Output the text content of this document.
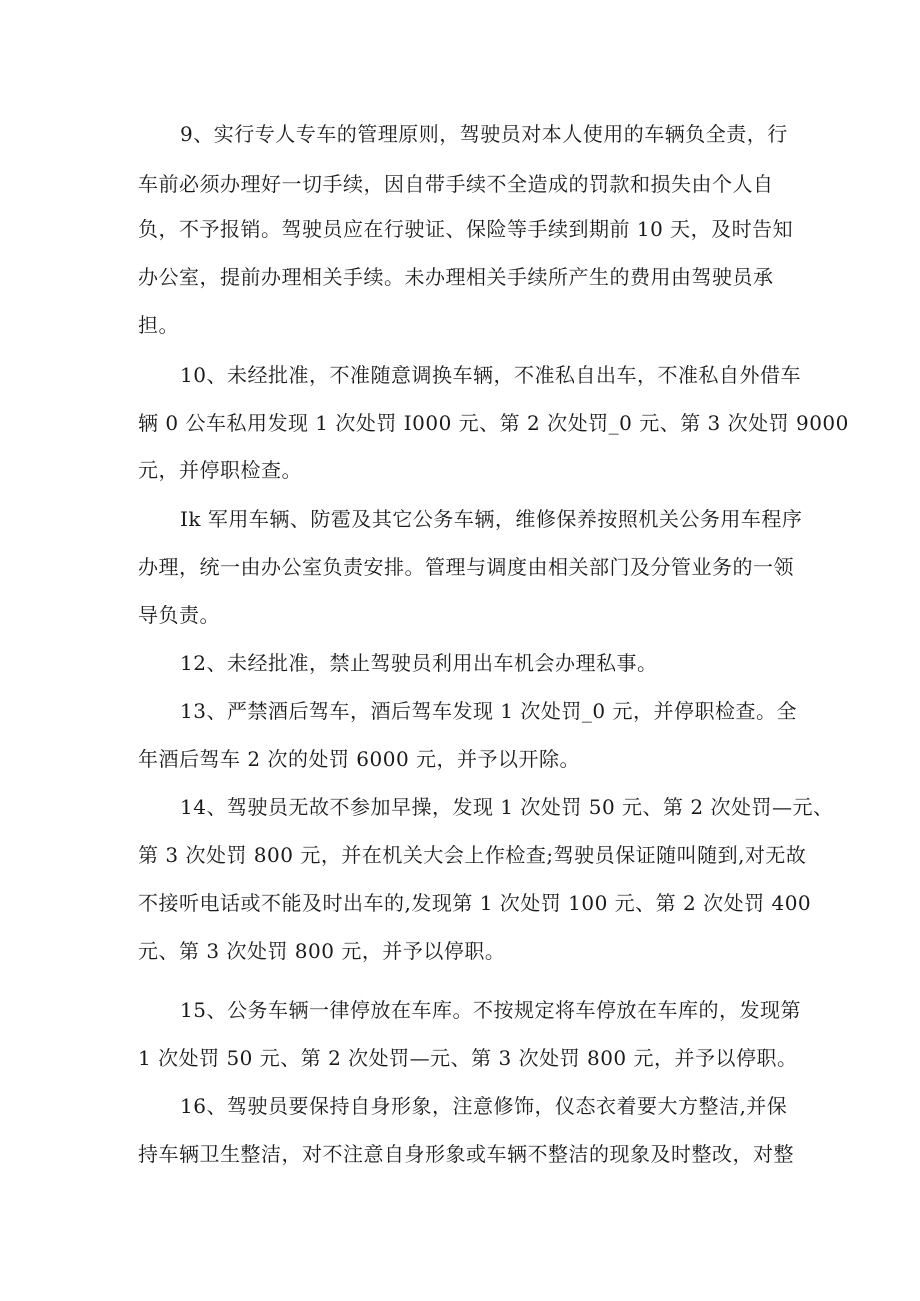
9、实行专人专车的管理原则，驾驶员对本人使用的车辆负全责，行
车前必须办理好一切手续，因自带手续不全造成的罚款和损失由个人自
负，不予报销。驾驶员应在行驶证、保险等手续到期前 10 天，及时告知
办公室，提前办理相关手续。未办理相关手续所产生的费用由驾驶员承
担。
10、未经批准，不准随意调换车辆，不准私自出车，不准私自外借车
辆 0 公车私用发现 1 次处罚 I000 元、第 2 次处罚_0 元、第 3 次处罚 9000
元，并停职检查。
Ik 军用车辆、防雹及其它公务车辆，维修保养按照机关公务用车程序
办理，统一由办公室负责安排。管理与调度由相关部门及分管业务的一领
导负责。
12、未经批准，禁止驾驶员利用出车机会办理私事。
13、严禁酒后驾车，酒后驾车发现 1 次处罚_0 元，并停职检查。全
年酒后驾车 2 次的处罚 6000 元，并予以开除。
14、驾驶员无故不参加早操，发现 1 次处罚 50 元、第 2 次处罚—元、
第 3 次处罚 800 元，并在机关大会上作检查;驾驶员保证随叫随到,对无故
不接听电话或不能及时出车的,发现第 1 次处罚 100 元、第 2 次处罚 400
元、第 3 次处罚 800 元，并予以停职。
15、公务车辆一律停放在车库。不按规定将车停放在车库的，发现第
1 次处罚 50 元、第 2 次处罚—元、第 3 次处罚 800 元，并予以停职。
16、驾驶员要保持自身形象，注意修饰，仪态衣着要大方整洁,并保
持车辆卫生整洁，对不注意自身形象或车辆不整洁的现象及时整改，对整
